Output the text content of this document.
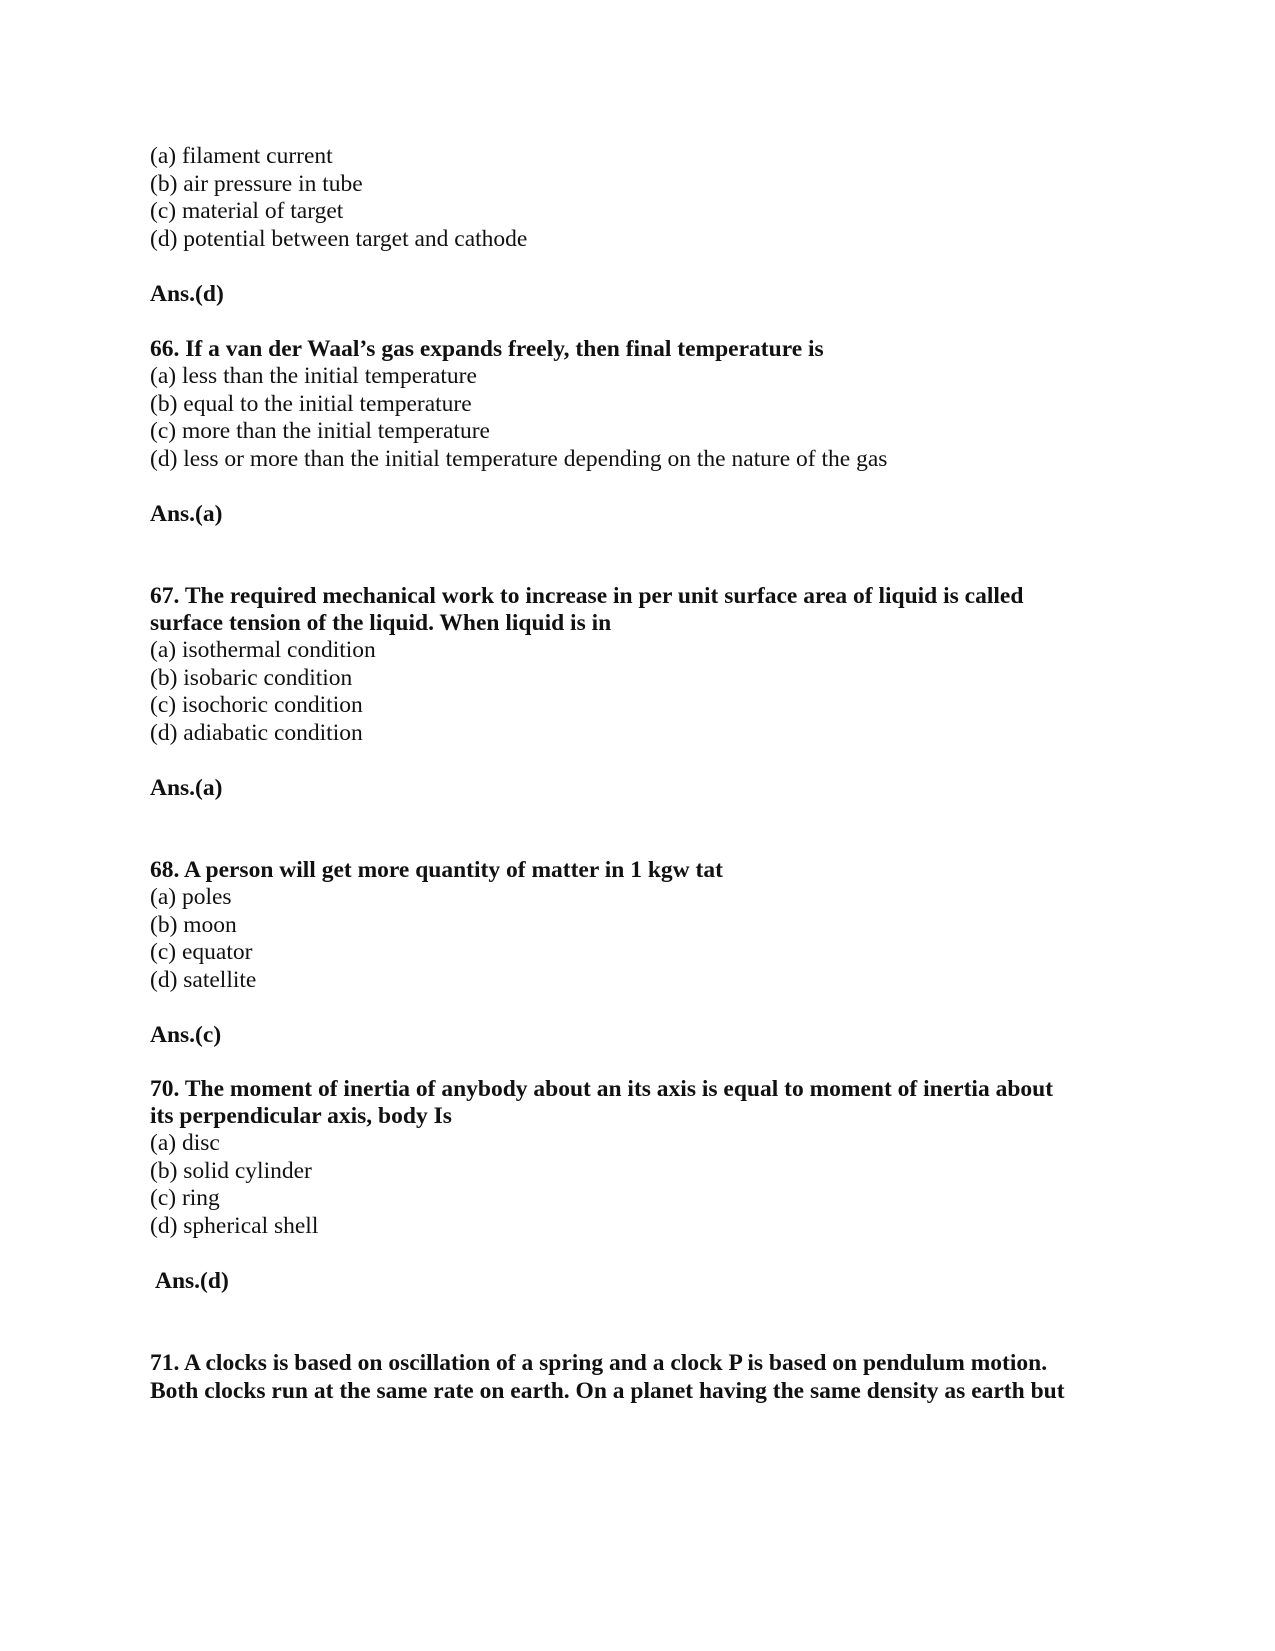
(a) filament current
(b) air pressure in tube
(c) material of target
(d) potential between target and cathode
Ans.(d)
66. If a van der Waal’s gas expands freely, then final temperature is
(a) less than the initial temperature
(b) equal to the initial temperature
(c) more than the initial temperature
(d) less or more than the initial temperature depending on the nature of the gas
Ans.(a)
67. The required mechanical work to increase in per unit surface area of liquid is called
surface tension of the liquid. When liquid is in
(a) isothermal condition
(b) isobaric condition
(c) isochoric condition
(d) adiabatic condition
Ans.(a)
68. A person will get more quantity of matter in 1 kgw tat
(a) poles
(b) moon
(c) equator
(d) satellite
Ans.(c)
70. The moment of inertia of anybody about an its axis is equal to moment of inertia about
its perpendicular axis, body Is
(a) disc
(b) solid cylinder
(c) ring
(d) spherical shell
Ans.(d)
71. A clocks is based on oscillation of a spring and a clock P is based on pendulum motion.
Both clocks run at the same rate on earth. On a planet having the same density as earth but
